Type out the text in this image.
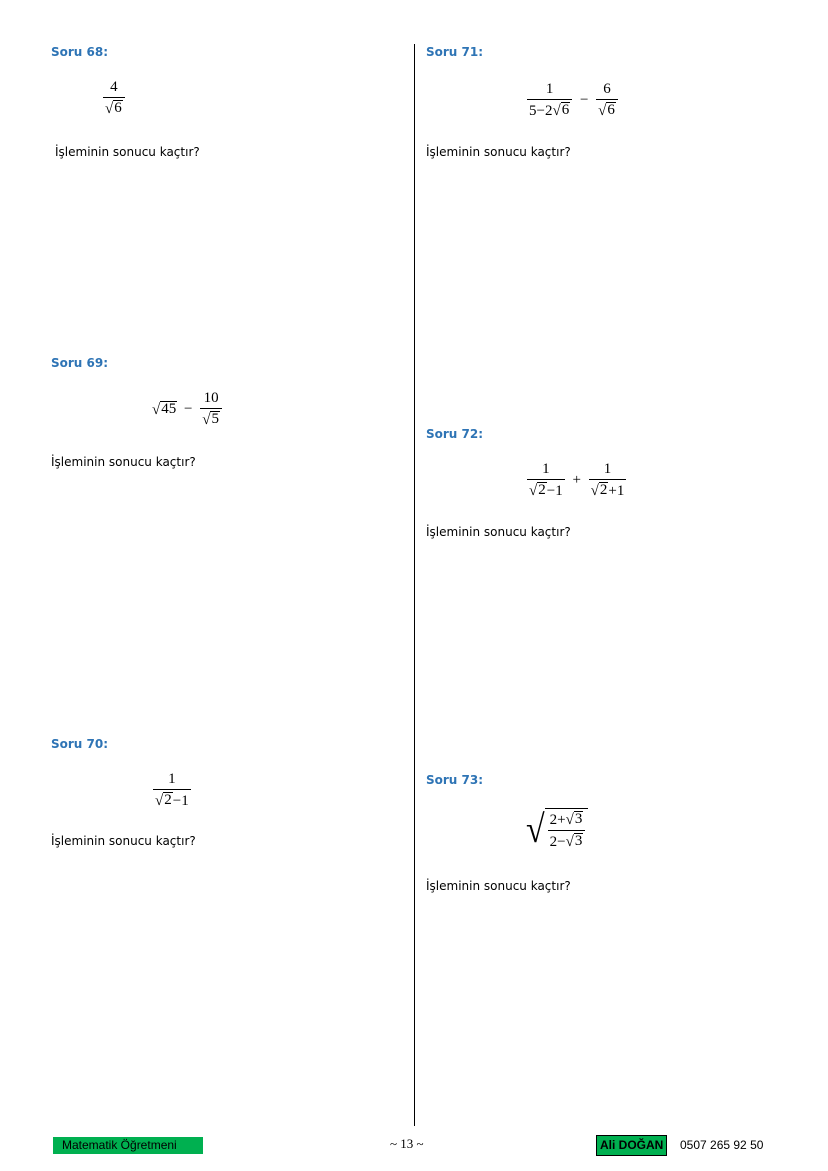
Soru 68:
$\frac{4}{√ 6}$
İşleminin sonucu kaçtır?
Soru 69:
√ $45 - \frac{10}{√ 5}$
İşleminin sonucu kaçtır?
Soru 70:
$\frac{1}{√ 2 -1}$
İşleminin sonucu kaçtır?
Soru 71:
$\frac{1}{5-2 √ 6} - \frac{6}{√ 6}$
İşleminin sonucu kaçtır?
Soru 72:
$\frac{1}{√ 2 -1} + \frac{1}{√ 2 +1}$
İşleminin sonucu kaçtır?
Soru 73:
√ $\frac{2+ √ 3}{2- √ 3}$
İşleminin sonucu kaçtır?
Matematik Öğretmeni	~ 13 ~	Ali DOĞAN	0507 265 92 50
